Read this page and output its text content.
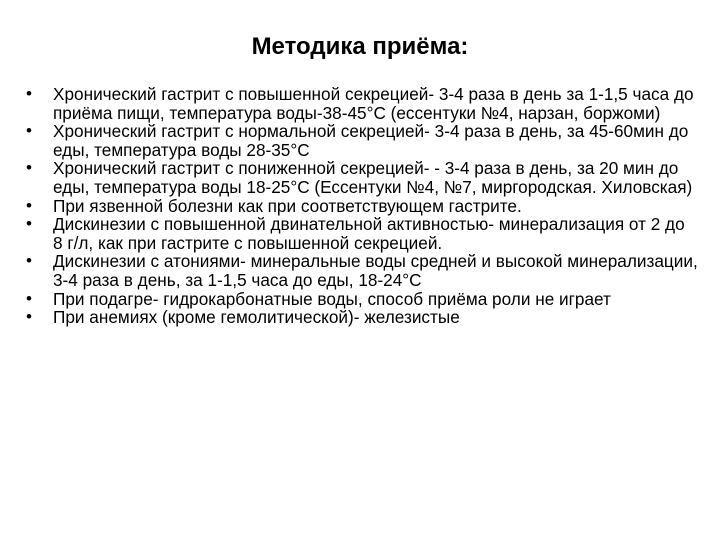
Методика приёма:
•	Хронический гастрит с повышенной секрецией- 3-4 раза в день за 1-1,5 часа до приёма пищи, температура воды-38-45°С (ессентуки №4, нарзан, боржоми)
•	Хронический гастрит с нормальной секрецией- 3-4 раза в день, за 45-60мин до еды, температура воды 28-35°С
•	Хронический гастрит с пониженной секрецией- - 3-4 раза в день, за 20 мин до еды, температура воды 18-25°С (Ессентуки №4, №7, миргородская. Хиловская)
•	При язвенной болезни как при соответствующем гастрите.
•	Дискинезии с повышенной двинательной активностью- минерализация от 2 до 8 г/л, как при гастрите с повышенной секрецией.
•	Дискинезии с атониями- минеральные воды средней и высокой минерализации, 3-4 раза в день, за 1-1,5 часа до еды, 18-24°С
•	При подагре- гидрокарбонатные воды, способ приёма роли не играет
•	При анемиях (кроме гемолитической)- железистые
